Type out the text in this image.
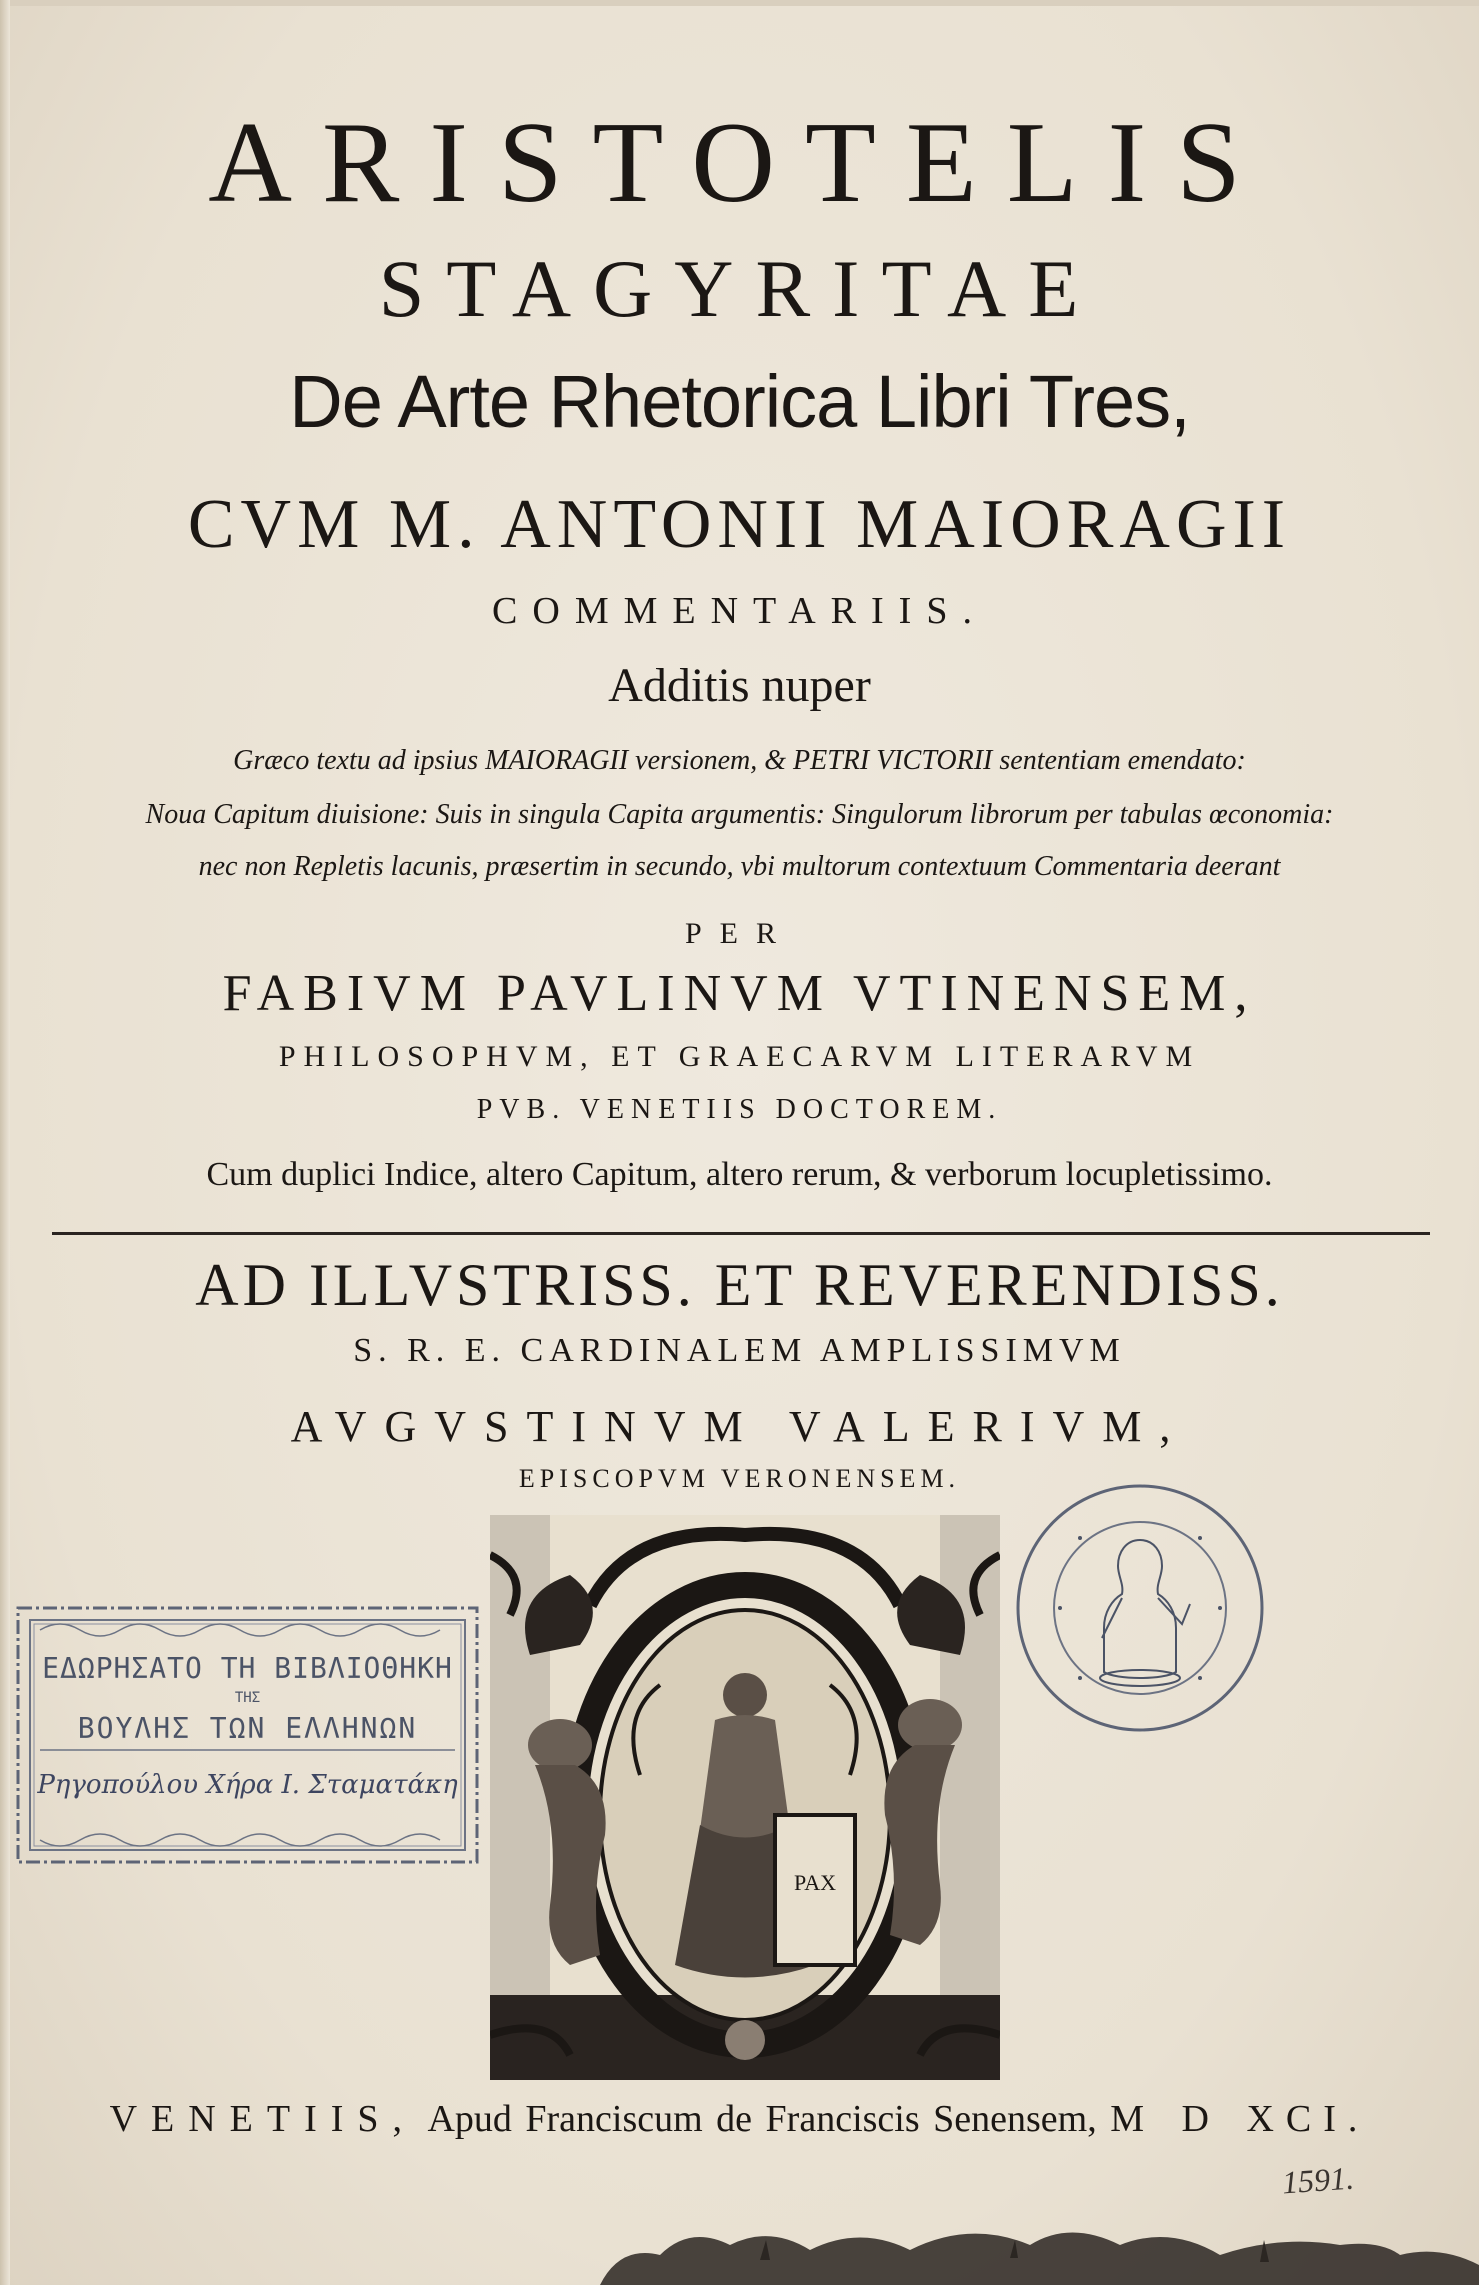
ARISTOTELIS
STAGYRITAE
De Arte Rhetorica Libri Tres,
CVM M. ANTONII MAIORAGII
COMMENTARIIS.
Additis nuper
Græco textu ad ipsius MAIORAGII versionem, & PETRI VICTORII sententiam emendato:
Noua Capitum diuisione: Suis in singula Capita argumentis: Singulorum librorum per tabulas œconomia:
nec non Repletis lacunis, præsertim in secundo, vbi multorum contextuum Commentaria deerant
PER
FABIVM PAVLINVM VTINENSEM,
PHILOSOPHVM, ET GRAECARVM LITERARVM
PVB. VENETIIS DOCTOREM.
Cum duplici Indice, altero Capitum, altero rerum, & verborum locupletissimo.
AD ILLVSTRISS. ET REVERENDISS.
S. R. E. CARDINALEM AMPLISSIMVM
AVGVSTINVM VALERIVM,
EPISCOPVM VERONENSEM.
ΕΔΩΡΗΣΑΤΟ ΤΗ ΒΙΒΛΙΟΘΗΚΗ
ΤΗΣ
ΒΟΥΛΗΣ ΤΩΝ ΕΛΛΗΝΩΝ
Ρηγοπούλου Χήρα Ι. Σταματάκη
PAX
VENETIIS, Apud Franciscum de Franciscis Senensem, M D XCI.
1591.
